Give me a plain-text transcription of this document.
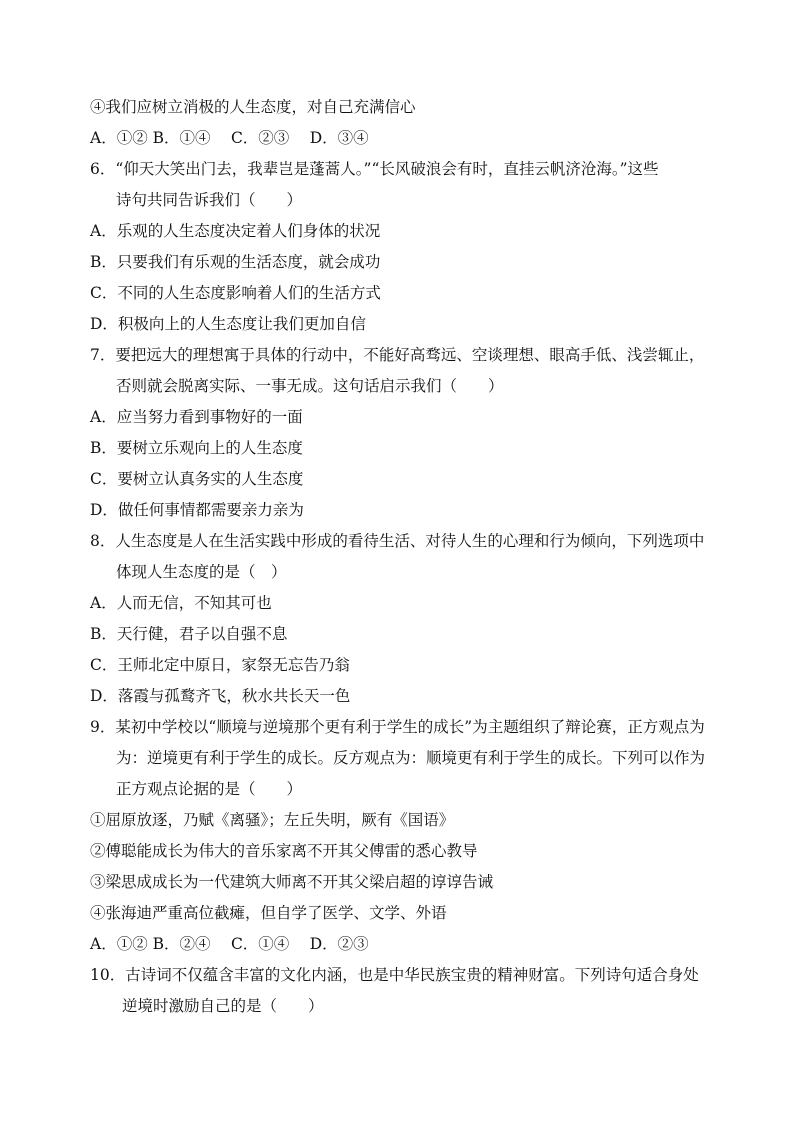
④我们应树立消极的人生态度，对自己充满信心
A．①② B．①④　 C．②③　 D．③④
6．“仰天大笑出门去，我辈岂是蓬蒿人。”“长风破浪会有时，直挂云帆济沧海。”这些
诗句共同告诉我们（　　）
A．乐观的人生态度决定着人们身体的状况
B．只要我们有乐观的生活态度，就会成功
C．不同的人生态度影响着人们的生活方式
D．积极向上的人生态度让我们更加自信
7．要把远大的理想寓于具体的行动中，不能好高骛远、空谈理想、眼高手低、浅尝辄止，
否则就会脱离实际、一事无成。这句话启示我们（　　）
A．应当努力看到事物好的一面
B．要树立乐观向上的人生态度
C．要树立认真务实的人生态度
D．做任何事情都需要亲力亲为
8．人生态度是人在生活实践中形成的看待生活、对待人生的心理和行为倾向，下列选项中
体现人生态度的是（　）
A．人而无信，不知其可也
B．天行健，君子以自强不息
C．王师北定中原日，家祭无忘告乃翁
D．落霞与孤鹜齐飞，秋水共长天一色
9．某初中学校以“顺境与逆境那个更有利于学生的成长”为主题组织了辩论赛，正方观点为
为：逆境更有利于学生的成长。反方观点为：顺境更有利于学生的成长。下列可以作为
正方观点论据的是（　　）
①屈原放逐，乃赋《离骚》；左丘失明，厥有《国语》
②傅聪能成长为伟大的音乐家离不开其父傅雷的悉心教导
③梁思成成长为一代建筑大师离不开其父梁启超的谆谆告诫
④张海迪严重高位截瘫，但自学了医学、文学、外语
A．①② B．②④　 C．①④　 D．②③
10．古诗词不仅蕴含丰富的文化内涵，也是中华民族宝贵的精神财富。下列诗句适合身处
逆境时激励自己的是（　　）
